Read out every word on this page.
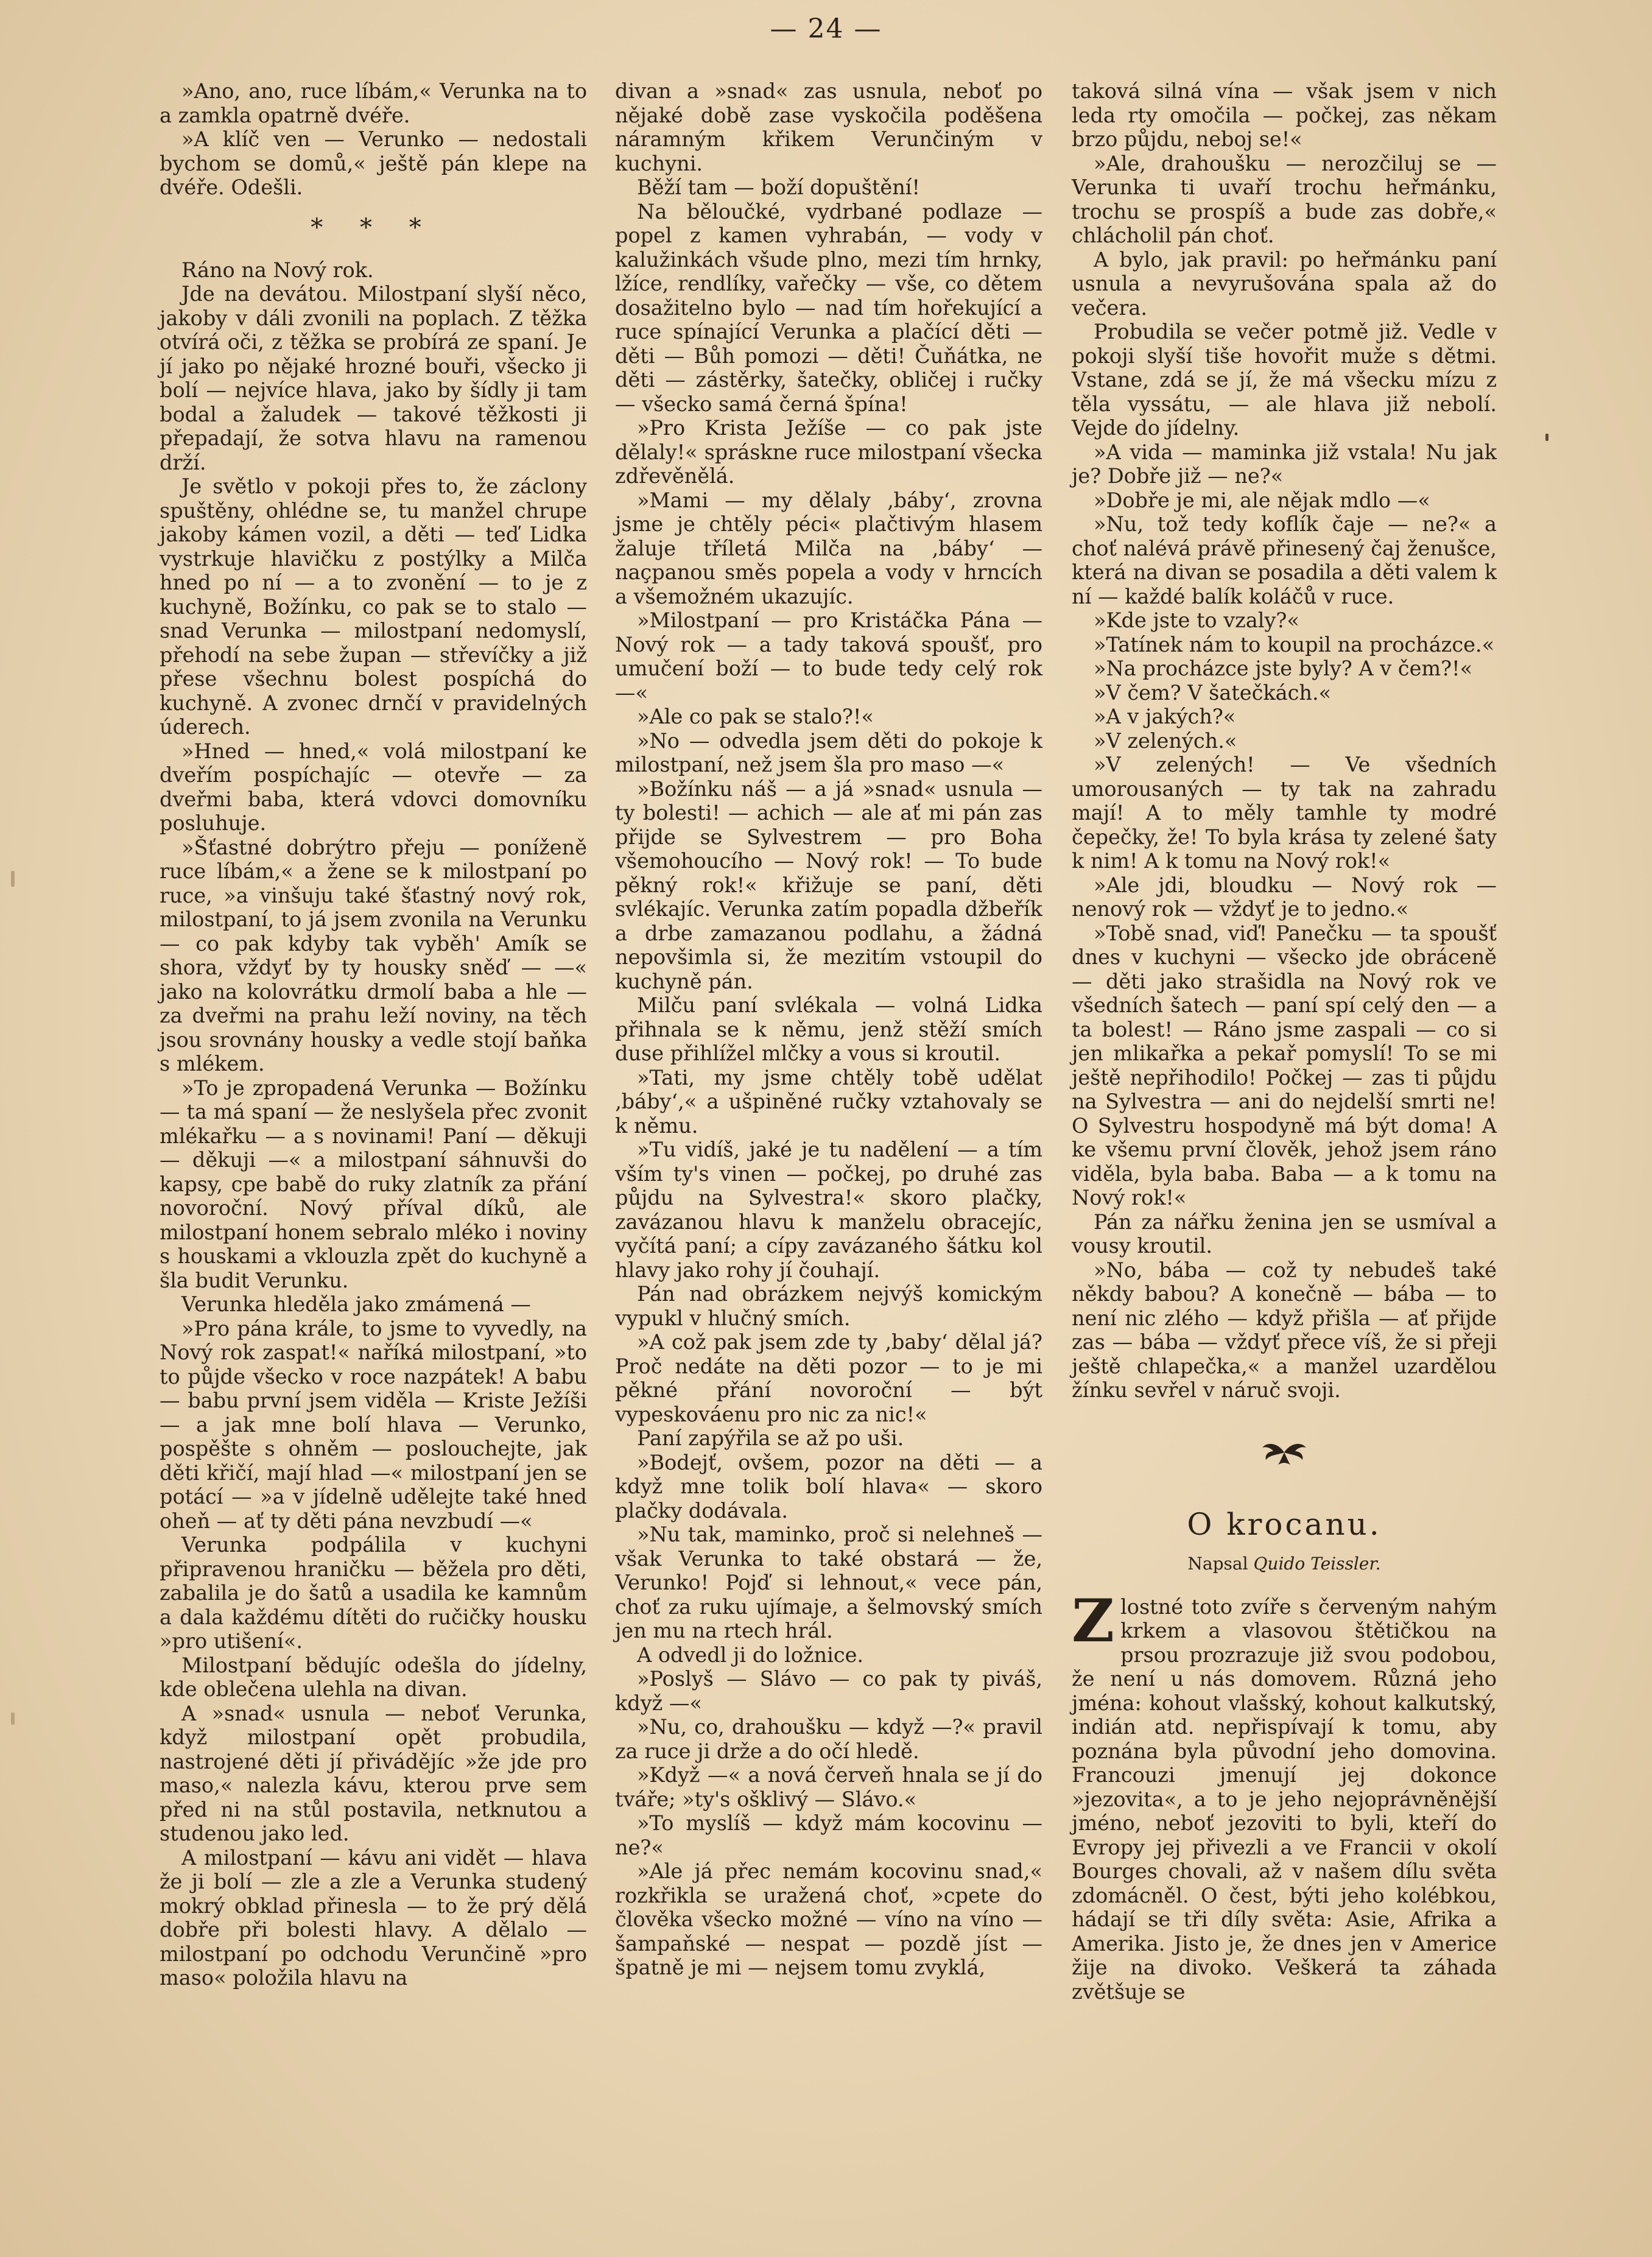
— 24 —

»Ano, ano, ruce líbám,« Verunka na to a zamkla opatrně dvéře.

»A klíč ven — Verunko — nedostali bychom se domů,« ještě pán klepe na dvéře. Odešli.

* * *

Ráno na Nový rok.

Jde na devátou. Milostpaní slyší něco, jakoby v dáli zvonili na poplach. Z těžka otvírá oči, z těžka se probírá ze spaní. Je jí jako po nějaké hrozné bouři, všecko ji bolí — nejvíce hlava, jako by šídly ji tam bodal a žaludek — takové těžkosti ji přepadají, že sotva hlavu na ramenou drží.

Je světlo v pokoji přes to, že záclony spuštěny, ohlédne se, tu manžel chrupe jakoby kámen vozil, a děti — teď Lidka vystrkuje hlavičku z postýlky a Milča hned po ní — a to zvonění — to je z kuchyně, Božínku, co pak se to stalo — snad Verunka — milostpaní nedomyslí, přehodí na sebe župan — střevíčky a již přese všechnu bolest pospíchá do kuchyně. A zvonec drnčí v pravidelných úderech.

»Hned — hned,« volá milostpaní ke dveřím pospíchajíc — otevře — za dveřmi baba, která vdovci domovníku posluhuje.

»Šťastné dobrýtro přeju — poníženě ruce líbám,« a žene se k milostpaní po ruce, »a vinšuju také šťastný nový rok, milostpaní, to já jsem zvonila na Verunku — co pak kdyby tak vyběh' Amík se shora, vždyť by ty housky sněď — —« jako na kolovrátku drmolí baba a hle — za dveřmi na prahu leží noviny, na těch jsou srovnány housky a vedle stojí baňka s mlékem.

»To je zpropadená Verunka — Božínku — ta má spaní — že neslyšela přec zvonit mlékařku — a s novinami! Paní — děkuji — děkuji —« a milostpaní sáhnuvši do kapsy, cpe babě do ruky zlatník za přání novoroční. Nový příval díků, ale milostpaní honem sebralo mléko i noviny s houskami a vklouzla zpět do kuchyně a šla budit Verunku.

Verunka hleděla jako zmámená —

»Pro pána krále, to jsme to vyvedly, na Nový rok zaspat!« naříká milostpaní, »to to půjde všecko v roce nazpátek! A babu — babu první jsem viděla — Kriste Ježíši — a jak mne bolí hlava — Verunko, pospěšte s ohněm — poslouchejte, jak děti křičí, mají hlad —« milostpaní jen se potácí — »a v jídelně udělejte také hned oheň — ať ty děti pána nevzbudí —«

Verunka podpálila v kuchyni připravenou hraničku — běžela pro děti, zabalila je do šatů a usadila ke kamnům a dala každému dítěti do ručičky housku »pro utišení«.

Milostpaní bědujíc odešla do jídelny, kde oblečena ulehla na divan.

A »snad« usnula — neboť Verunka, když milostpaní opět probudila, nastrojené děti jí přivádějíc »že jde pro maso,« nalezla kávu, kterou prve sem před ni na stůl postavila, netknutou a studenou jako led.

A milostpaní — kávu ani vidět — hlava že ji bolí — zle a zle a Verunka studený mokrý obklad přinesla — to že prý dělá dobře při bolesti hlavy. A dělalo — milostpaní po odchodu Verunčině »pro maso« položila hlavu na

divan a »snad« zas usnula, neboť po nějaké době zase vyskočila poděšena náramným křikem Verunčiným v kuchyni.

Běží tam — boží dopuštění!

Na běloučké, vydrbané podlaze — popel z kamen vyhrabán, — vody v kalužinkách všude plno, mezi tím hrnky, lžíce, rendlíky, vařečky — vše, co dětem dosažitelno bylo — nad tím hořekující a ruce spínající Verunka a plačící děti — děti — Bůh pomozi — děti! Čuňátka, ne děti — zástěrky, šatečky, obličej i ručky — všecko samá černá špína!

»Pro Krista Ježíše — co pak jste dělaly!« spráskne ruce milostpaní všecka zdřevěnělá.

»Mami — my dělaly ‚báby‘, zrovna jsme je chtěly péci« plačtivým hlasem žaluje tříletá Milča na ‚báby‘ — naçpanou směs popela a vody v hrncích a všemožném ukazujíc.

»Milostpaní — pro Kristáčka Pána — Nový rok — a tady taková spoušť, pro umučení boží — to bude tedy celý rok —«

»Ale co pak se stalo?!«

»No — odvedla jsem děti do pokoje k milostpaní, než jsem šla pro maso —«

»Božínku náš — a já »snad« usnula — ty bolesti! — achich — ale ať mi pán zas přijde se Sylvestrem — pro Boha všemohoucího — Nový rok! — To bude pěkný rok!« křižuje se paní, děti svlékajíc. Verunka zatím popadla džbeřík a drbe zamazanou podlahu, a žádná nepovšimla si, že mezitím vstoupil do kuchyně pán.

Milču paní svlékala — volná Lidka přihnala se k němu, jenž stěží smích duse přihlížel mlčky a vous si kroutil.

»Tati, my jsme chtěly tobě udělat ‚báby‘,« a ušpiněné ručky vztahovaly se k němu.

»Tu vidíš, jaké je tu nadělení — a tím vším ty's vinen — počkej, po druhé zas půjdu na Sylvestra!« skoro plačky, zavázanou hlavu k manželu obracejíc, vyčítá paní; a cípy zavázaného šátku kol hlavy jako rohy jí čouhají.

Pán nad obrázkem nejvýš komickým vypukl v hlučný smích.

»A což pak jsem zde ty ‚baby‘ dělal já? Proč nedáte na děti pozor — to je mi pěkné přání novoroční — být vypeskováenu pro nic za nic!«

Paní zapýřila se až po uši.

»Bodejť, ovšem, pozor na děti — a když mne tolik bolí hlava« — skoro plačky dodávala.

»Nu tak, maminko, proč si nelehneš — však Verunka to také obstará — že, Verunko! Pojď si lehnout,« vece pán, choť za ruku ujímaje, a šelmovský smích jen mu na rtech hrál.

A odvedl ji do ložnice.

»Poslyš — Slávo — co pak ty piváš, když —«

»Nu, co, drahoušku — když —?« pravil za ruce ji drže a do očí hledě.

»Když —« a nová červeň hnala se jí do tváře; »ty's ošklivý — Slávo.«

»To myslíš — když mám kocovinu — ne?«

»Ale já přec nemám kocovinu snad,« rozkřikla se uražená choť, »cpete do člověka všecko možné — víno na víno — šampaňské — nespat — pozdě jíst — špatně je mi — nejsem tomu zvyklá,

taková silná vína — však jsem v nich leda rty omočila — počkej, zas někam brzo půjdu, neboj se!«

»Ale, drahoušku — nerozčiluj se — Verunka ti uvaří trochu heřmánku, trochu se prospíš a bude zas dobře,« chlácholil pán choť.

A bylo, jak pravil: po heřmánku paní usnula a nevyrušována spala až do večera.

Probudila se večer potmě již. Vedle v pokoji slyší tiše hovořit muže s dětmi. Vstane, zdá se jí, že má všecku mízu z těla vyssátu, — ale hlava již nebolí. Vejde do jídelny.

»A vida — maminka již vstala! Nu jak je? Dobře již — ne?«

»Dobře je mi, ale nějak mdlo —«

»Nu, tož tedy koflík čaje — ne?« a choť nalévá právě přinesený čaj ženušce, která na divan se posadila a děti valem k ní — každé balík koláčů v ruce.

»Kde jste to vzaly?«

»Tatínek nám to koupil na procházce.«

»Na procházce jste byly? A v čem?!«

»V čem? V šatečkách.«

»A v jakých?«

»V zelených.«

»V zelených! — Ve všedních umorousaných — ty tak na zahradu mají! A to měly tamhle ty modré čepečky, že! To byla krása ty zelené šaty k nim! A k tomu na Nový rok!«

»Ale jdi, bloudku — Nový rok — nenový rok — vždyť je to jedno.«

»Tobě snad, viď! Panečku — ta spoušť dnes v kuchyni — všecko jde obráceně — děti jako strašidla na Nový rok ve všedních šatech — paní spí celý den — a ta bolest! — Ráno jsme zaspali — co si jen mlikařka a pekař pomyslí! To se mi ještě nepřihodilo! Počkej — zas ti půjdu na Sylvestra — ani do nejdelší smrti ne! O Sylvestru hospodyně má být doma! A ke všemu první člověk, jehož jsem ráno viděla, byla baba. Baba — a k tomu na Nový rok!«

Pán za nářku ženina jen se usmíval a vousy kroutil.

»No, bába — což ty nebudeš také někdy babou? A konečně — bába — to není nic zlého — když přišla — ať přijde zas — bába — vždyť přece víš, že si přeji ještě chlapečka,« a manžel uzardělou žínku sevřel v náruč svoji.

O krocanu.
Napsal Quido Teissler.

Zlostné toto zvíře s červeným nahým krkem a vlasovou štětičkou na prsou prozrazuje již svou podobou, že není u nás domovem. Různá jeho jména: kohout vlašský, kohout kalkutský, indián atd. nepřispívají k tomu, aby poznána byla původní jeho domovina. Francouzi jmenují jej dokonce »jezovita«, a to je jeho nejoprávněnější jméno, neboť jezoviti to byli, kteří do Evropy jej přivezli a ve Francii v okolí Bourges chovali, až v našem dílu světa zdomácněl. O čest, býti jeho kolébkou, hádají se tři díly světa: Asie, Afrika a Amerika. Jisto je, že dnes jen v Americe žije na divoko. Veškerá ta záhada zvětšuje se
